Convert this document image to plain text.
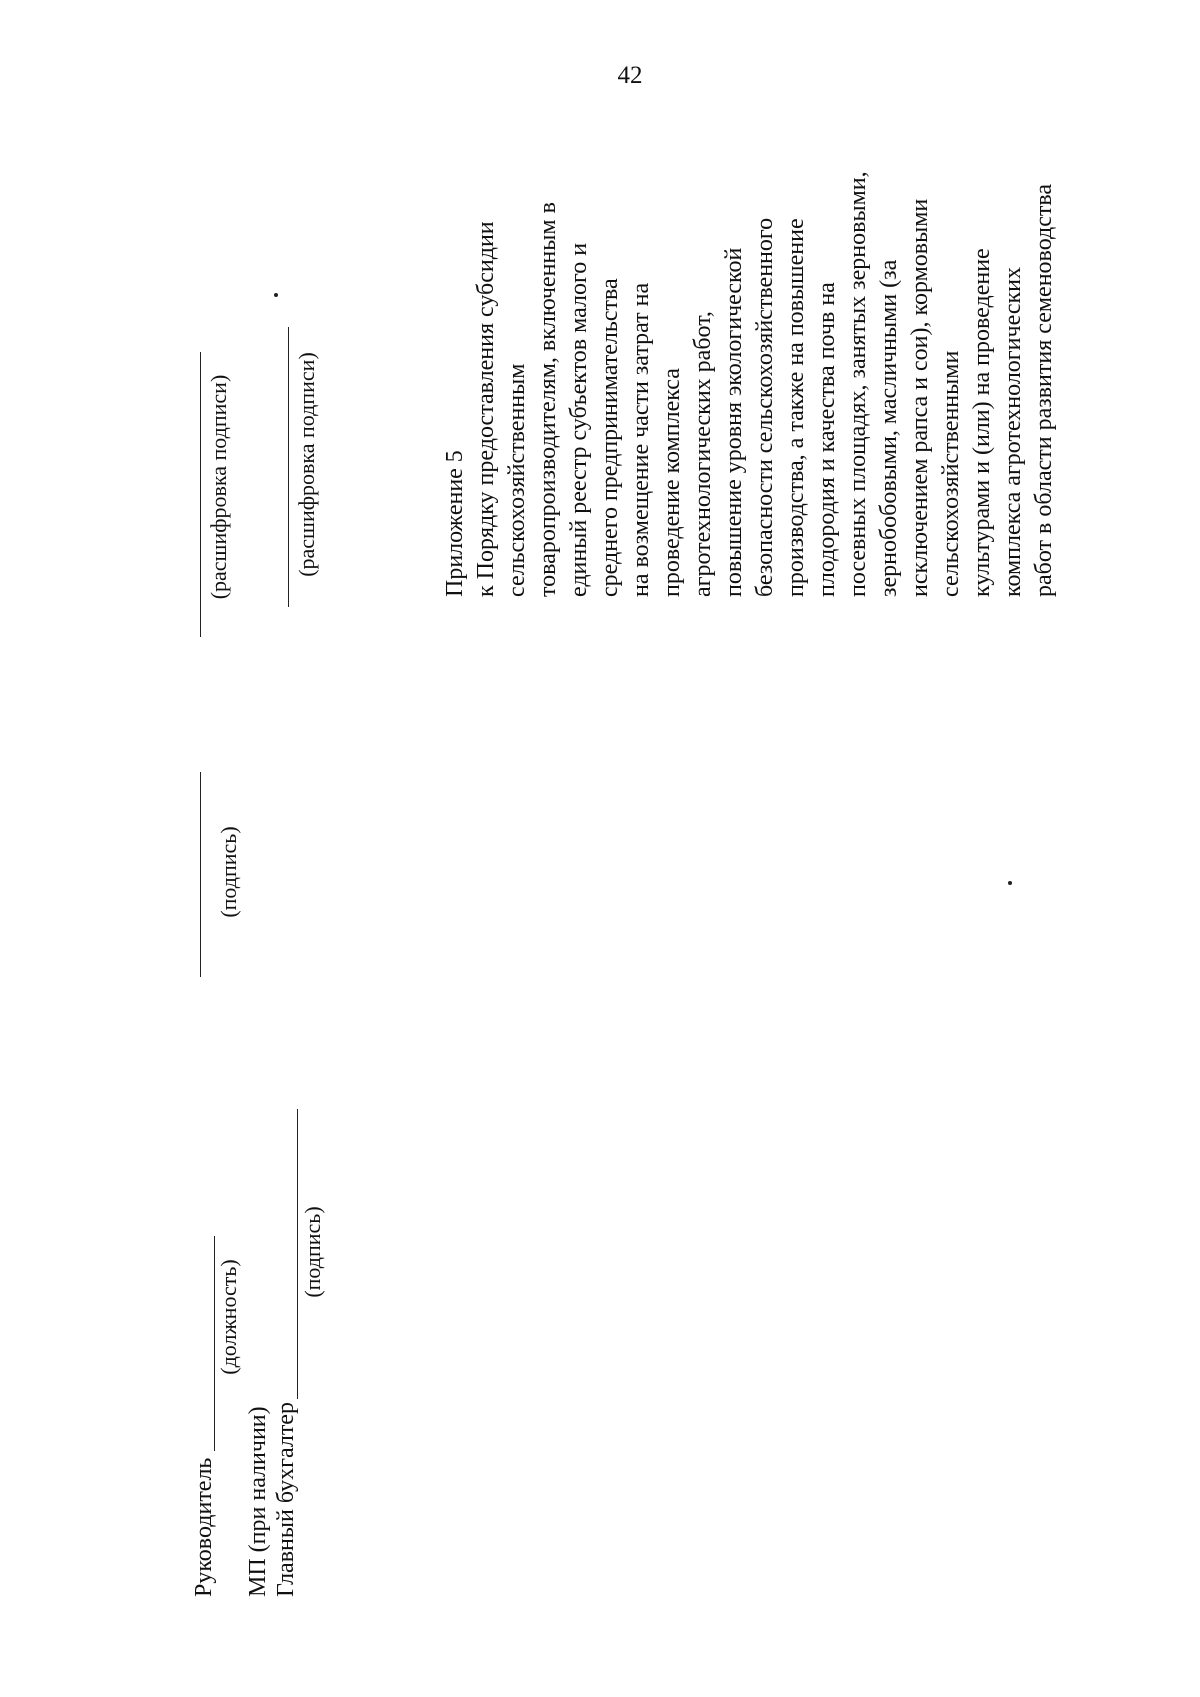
42
Руководитель
(должность)
(подпись)
(расшифровка подписи)
МП (при наличии) Главный бухгалтер
(подпись)
(расшифровка подписи)	Приложение 5 к Порядку предоставления субсидии сельскохозяйственным товаропроизводителям, включенным в единый реестр субъектов малого и среднего предпринимательства на возмещение части затрат на проведение комплекса агротехнологических работ, повышение уровня экологической безопасности сельскохозяйственного производства, а также на повышение плодородия и качества почв на посевных площадях, занятых зерновыми, зернобобовыми, масличными (за исключением рапса и сои), кормовыми сельскохозяйственными культурами и (или) на проведение комплекса агротехнологических работ в области развития семеноводства
